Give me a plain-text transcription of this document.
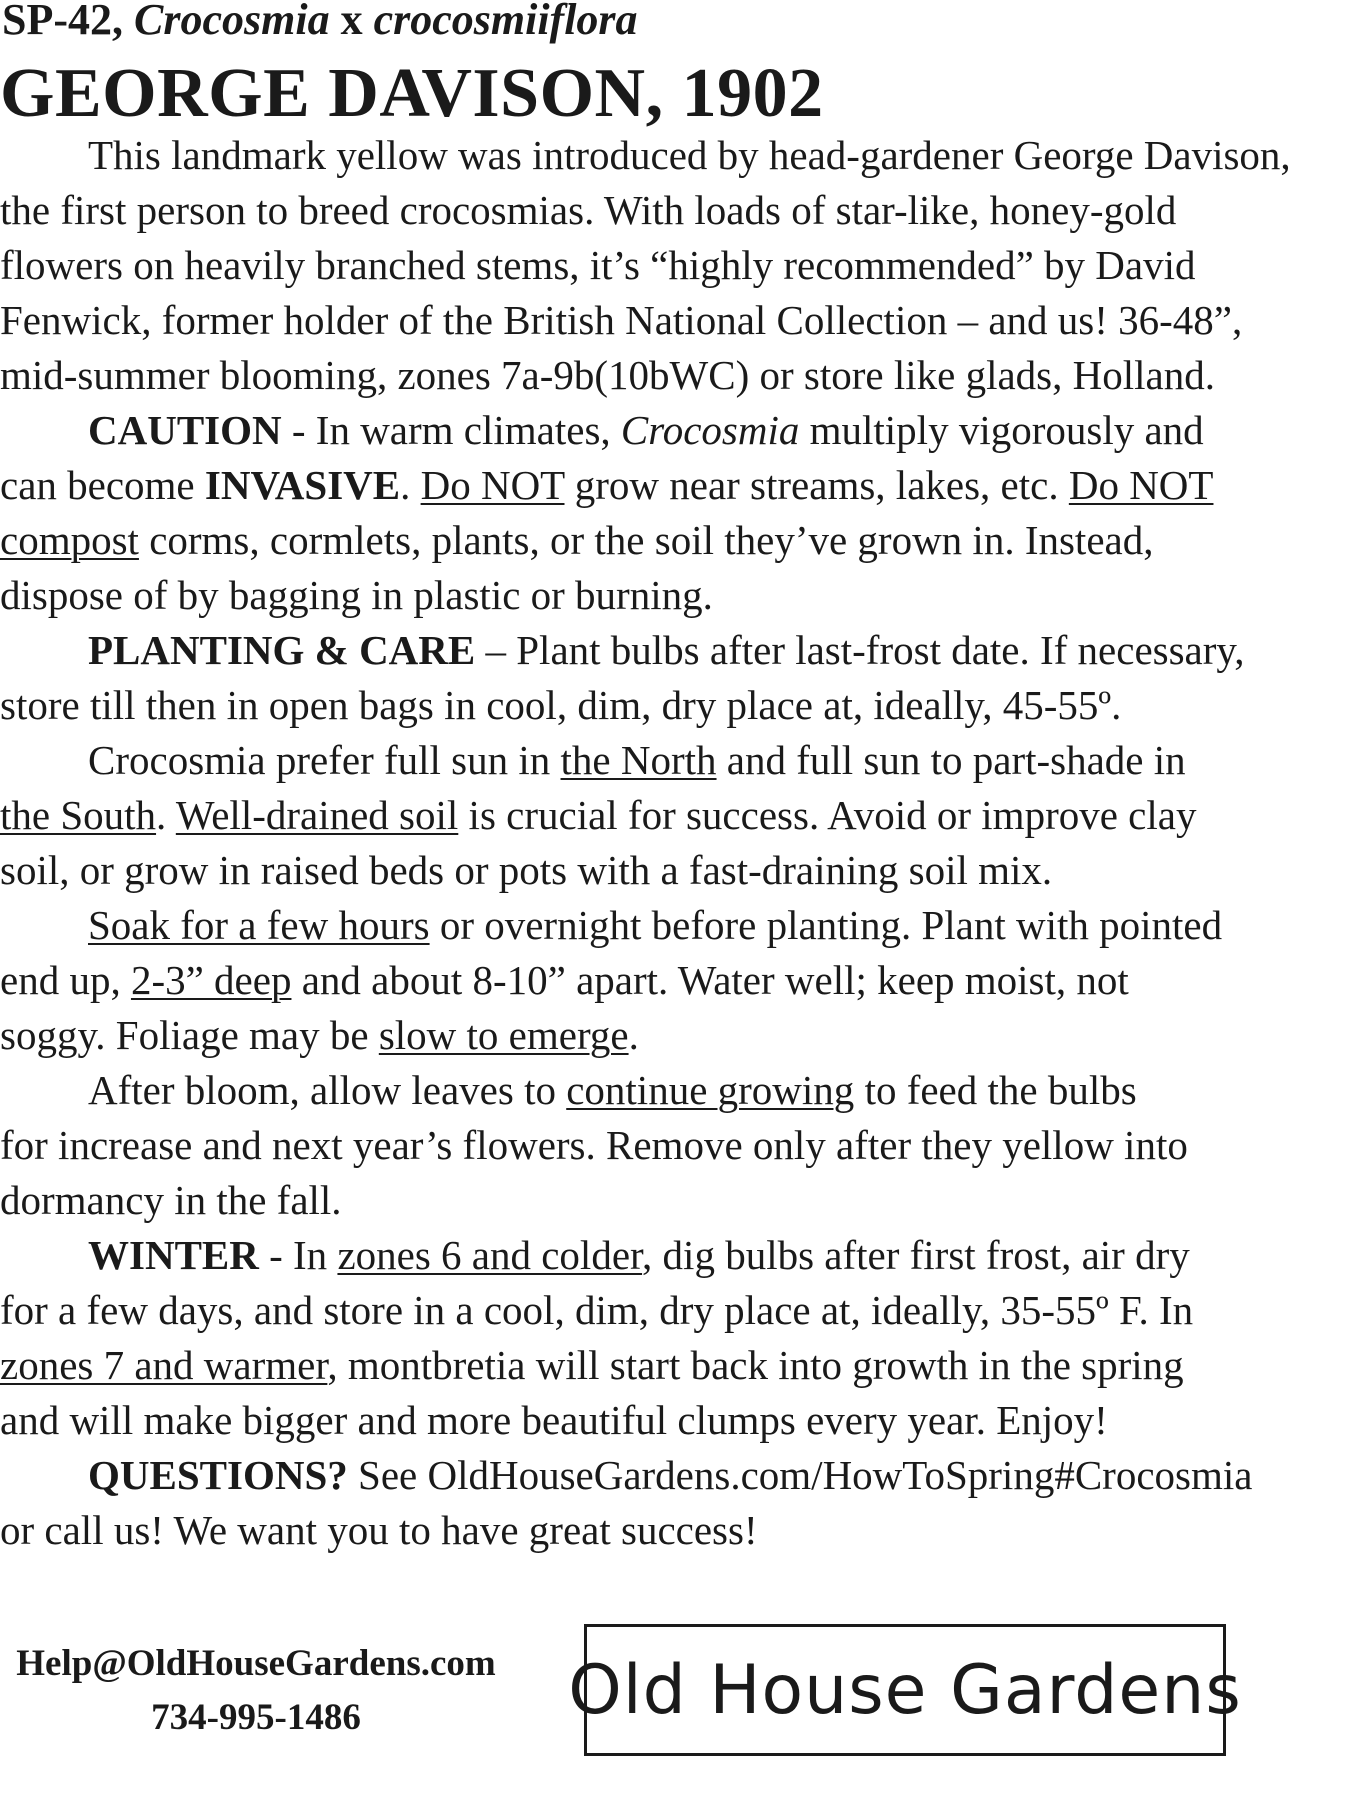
SP-42, Crocosmia x crocosmiiflora
GEORGE DAVISON, 1902
This landmark yellow was introduced by head-gardener George Davison,
the first person to breed crocosmias. With loads of star-like, honey-gold
flowers on heavily branched stems, it’s “highly recommended” by David
Fenwick, former holder of the British National Collection – and us! 36-48”,
mid-summer blooming, zones 7a-9b(10bWC) or store like glads, Holland.
CAUTION - In warm climates, Crocosmia multiply vigorously and
can become INVASIVE. Do NOT grow near streams, lakes, etc. Do NOT
compost corms, cormlets, plants, or the soil they’ve grown in. Instead,
dispose of by bagging in plastic or burning.
PLANTING & CARE – Plant bulbs after last-frost date. If necessary,
store till then in open bags in cool, dim, dry place at, ideally, 45-55º.
Crocosmia prefer full sun in the North and full sun to part-shade in
the South. Well-drained soil is crucial for success. Avoid or improve clay
soil, or grow in raised beds or pots with a fast-draining soil mix.
Soak for a few hours or overnight before planting. Plant with pointed
end up, 2-3” deep and about 8-10” apart. Water well; keep moist, not
soggy. Foliage may be slow to emerge.
After bloom, allow leaves to continue growing to feed the bulbs
for increase and next year’s flowers. Remove only after they yellow into
dormancy in the fall.
WINTER - In zones 6 and colder, dig bulbs after first frost, air dry
for a few days, and store in a cool, dim, dry place at, ideally, 35-55º F. In
zones 7 and warmer, montbretia will start back into growth in the spring
and will make bigger and more beautiful clumps every year. Enjoy!
QUESTIONS? See OldHouseGardens.com/HowToSpring#Crocosmia
or call us! We want you to have great success!
Help@OldHouseGardens.com
734-995-1486	Old House Gardens
